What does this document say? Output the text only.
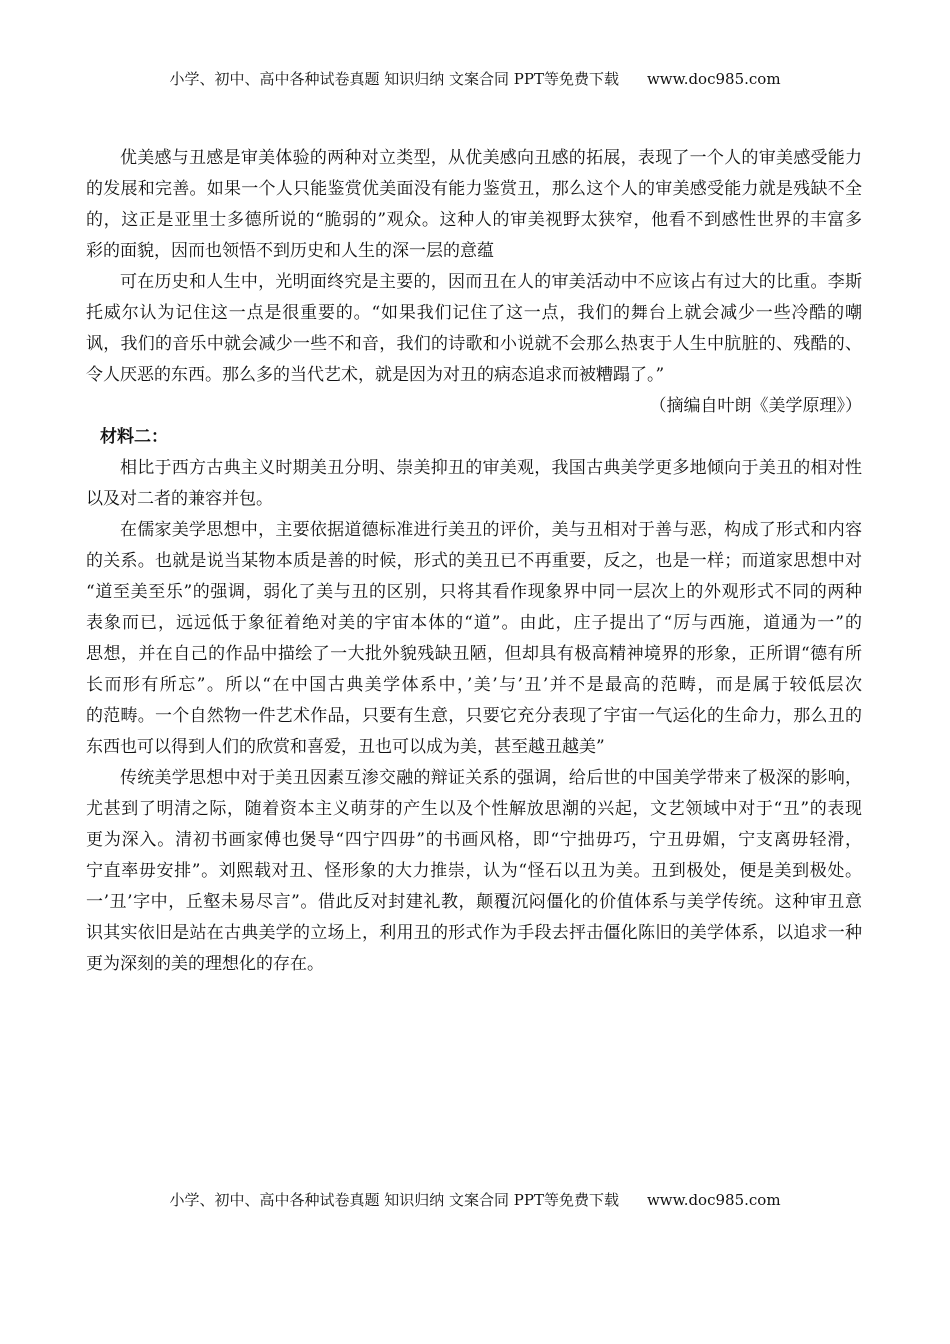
小学、初中、高中各种试卷真题 知识归纳 文案合同 PPT等免费下载 www.doc985.com
优美感与丑感是审美体验的两种对立类型，从优美感向丑感的拓展，表现了一个人的审美感受能力
的发展和完善。如果一个人只能鉴赏优美面没有能力鉴赏丑，那么这个人的审美感受能力就是残缺不全
的，这正是亚里士多德所说的“脆弱的”观众。这种人的审美视野太狭窄，他看不到感性世界的丰富多
彩的面貌，因而也领悟不到历史和人生的深一层的意蕴
可在历史和人生中，光明面终究是主要的，因而丑在人的审美活动中不应该占有过大的比重。李斯
托威尔认为记住这一点是很重要的。“如果我们记住了这一点，我们的舞台上就会减少一些冷酷的嘲
讽，我们的音乐中就会减少一些不和音，我们的诗歌和小说就不会那么热衷于人生中肮脏的、残酷的、
令人厌恶的东西。那么多的当代艺术，就是因为对丑的病态追求而被糟蹋了。”
（摘编自叶朗《美学原理》）
材料二：
相比于西方古典主义时期美丑分明、崇美抑丑的审美观，我国古典美学更多地倾向于美丑的相对性
以及对二者的兼容并包。
在儒家美学思想中，主要依据道德标准进行美丑的评价，美与丑相对于善与恶，构成了形式和内容
的关系。也就是说当某物本质是善的时候，形式的美丑已不再重要，反之，也是一样；而道家思想中对
“道至美至乐”的强调，弱化了美与丑的区别，只将其看作现象界中同一层次上的外观形式不同的两种
表象而已，远远低于象征着绝对美的宇宙本体的“道”。由此，庄子提出了“厉与西施，道通为一”的
思想，并在自己的作品中描绘了一大批外貌残缺丑陋，但却具有极高精神境界的形象，正所谓“德有所
长而形有所忘”。所以“在中国古典美学体系中，’美’与’丑’并不是最高的范畴，而是属于较低层次
的范畴。一个自然物一件艺术作品，只要有生意，只要它充分表现了宇宙一气运化的生命力，那么丑的
东西也可以得到人们的欣赏和喜爱，丑也可以成为美，甚至越丑越美”
传统美学思想中对于美丑因素互渗交融的辩证关系的强调，给后世的中国美学带来了极深的影响，
尤甚到了明清之际，随着资本主义萌芽的产生以及个性解放思潮的兴起，文艺领域中对于“丑”的表现
更为深入。清初书画家傅也煲导“四宁四毋”的书画风格，即“宁拙毋巧，宁丑毋媚，宁支离毋轻滑，
宁直率毋安排”。刘熙载对丑、怪形象的大力推崇，认为“怪石以丑为美。丑到极处，便是美到极处。
一’丑’字中，丘壑未易尽言”。借此反对封建礼教，颠覆沉闷僵化的价值体系与美学传统。这种审丑意
识其实依旧是站在古典美学的立场上，利用丑的形式作为手段去抨击僵化陈旧的美学体系，以追求一种
更为深刻的美的理想化的存在。
小学、初中、高中各种试卷真题 知识归纳 文案合同 PPT等免费下载 www.doc985.com
